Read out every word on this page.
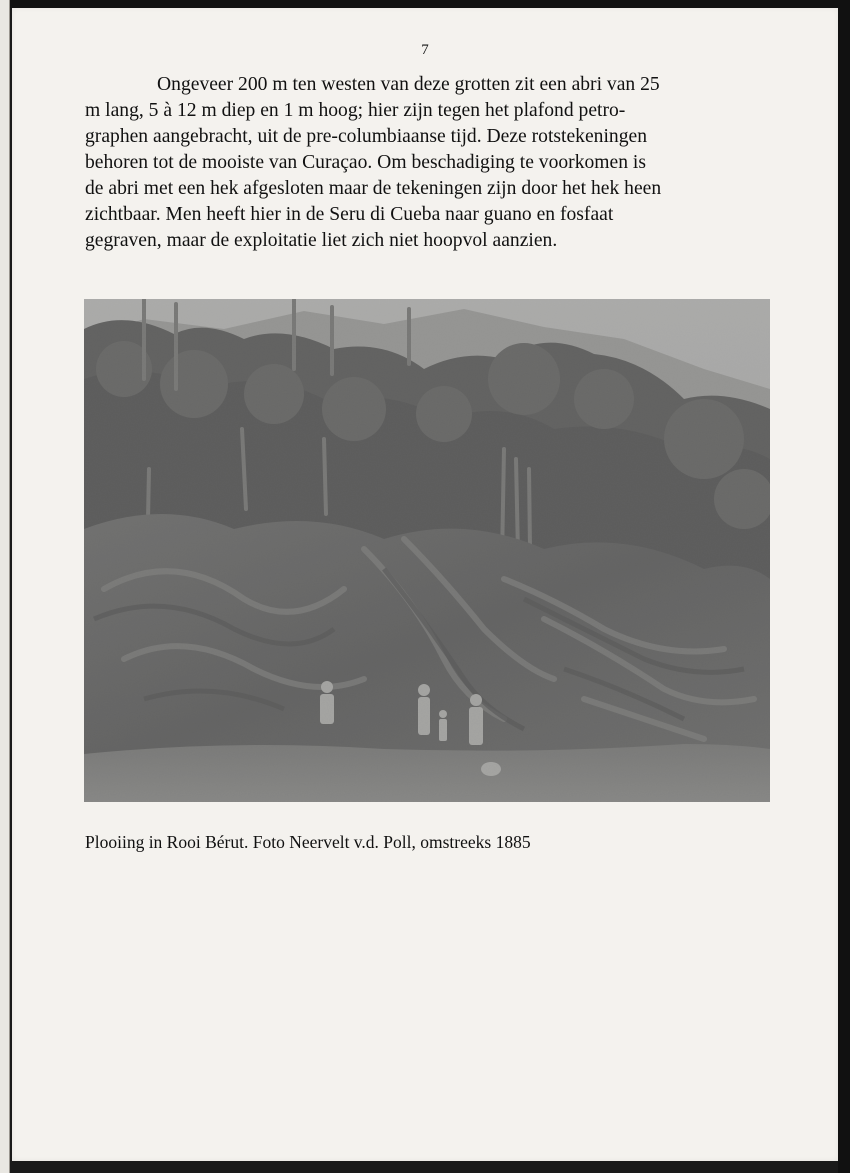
7
Ongeveer 200 m ten westen van deze grotten zit een abri van 25
m lang, 5 à 12 m diep en 1 m hoog; hier zijn tegen het plafond petro-
graphen aangebracht, uit de pre-columbiaanse tijd. Deze rotstekeningen
behoren tot de mooiste van Curaçao. Om beschadiging te voorkomen is
de abri met een hek afgesloten maar de tekeningen zijn door het hek heen
zichtbaar. Men heeft hier in de Seru di Cueba naar guano en fosfaat
gegraven, maar de exploitatie liet zich niet hoopvol aanzien.
Plooiing in Rooi Bérut. Foto Neervelt v.d. Poll, omstreeks 1885
